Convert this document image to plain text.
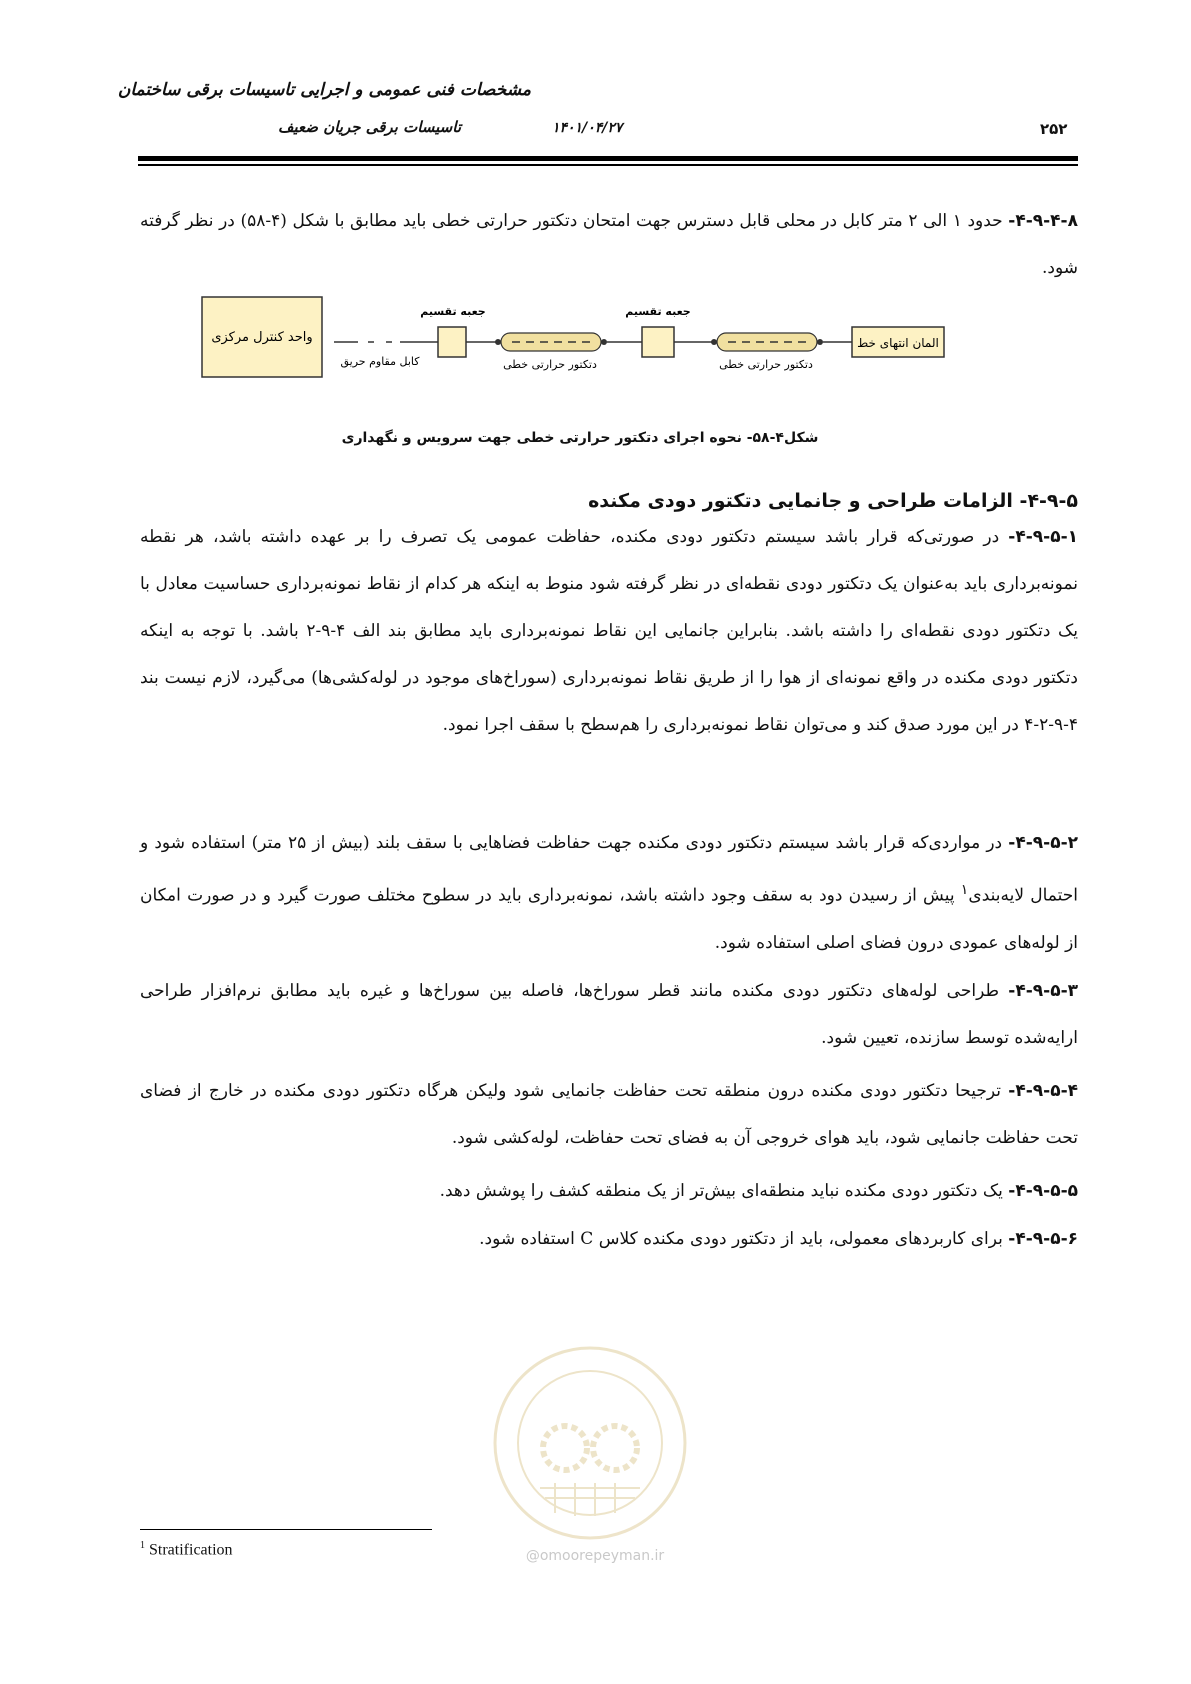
مشخصات فنی عمومی و اجرایی تاسیسات برقی ساختمان
تاسیسات برقی جریان ضعیف	۱۴۰۱/۰۴/۲۷	۲۵۲
۴-۹-۴-۸- حدود ۱ الی ۲ متر کابل در محلی قابل دسترس جهت امتحان دتکتور حرارتی خطی باید مطابق با شکل (۴-۵۸) در نظر گرفته شود.
واحد کنترل مرکزی
کابل مقاوم حریق
جعبه تقسیم
دتکتور حرارتی خطی
جعبه تقسیم
دتکتور حرارتی خطی
المان انتهای خط
شکل۴-۵۸- نحوه اجرای دتکتور حرارتی خطی جهت سرویس و نگهداری
۴-۹-۵- الزامات طراحی و جانمایی دتکتور دودی مکنده
۴-۹-۵-۱- در صورتی‌که قرار باشد سیستم دتکتور دودی مکنده، حفاظت عمومی یک تصرف را بر عهده داشته باشد، هر نقطه نمونه‌برداری باید به‌عنوان یک دتکتور دودی نقطه‌ای در نظر گرفته شود منوط به اینکه هر کدام از نقاط نمونه‌برداری حساسیت معادل با یک دتکتور دودی نقطه‌ای را داشته باشد. بنابراین جانمایی این نقاط نمونه‌برداری باید مطابق بند الف ۴-۹-۲ باشد. با توجه به اینکه دتکتور دودی مکنده در واقع نمونه‌ای از هوا را از طریق نقاط نمونه‌برداری (سوراخ‌های موجود در لوله‌کشی‌ها) می‌گیرد، لازم نیست بند ۴-۹-۲-۴ در این مورد صدق کند و می‌توان نقاط نمونه‌برداری را هم‌سطح با سقف اجرا نمود.
۴-۹-۵-۲- در مواردی‌که قرار باشد سیستم دتکتور دودی مکنده جهت حفاظت فضاهایی با سقف بلند (بیش از ۲۵ متر) استفاده شود و احتمال لایه‌بندی$^۱$ پیش از رسیدن دود به سقف وجود داشته باشد، نمونه‌برداری باید در سطوح مختلف صورت گیرد و در صورت امکان از لوله‌های عمودی درون فضای اصلی استفاده شود.
۴-۹-۵-۳- طراحی لوله‌های دتکتور دودی مکنده مانند قطر سوراخ‌ها، فاصله بین سوراخ‌ها و غیره باید مطابق نرم‌افزار طراحی ارایه‌شده توسط سازنده، تعیین شود.
۴-۹-۵-۴- ترجیحا دتکتور دودی مکنده درون منطقه تحت حفاظت جانمایی شود ولیکن هرگاه دتکتور دودی مکنده در خارج از فضای تحت حفاظت جانمایی شود، باید هوای خروجی آن به فضای تحت حفاظت، لوله‌کشی شود.
۴-۹-۵-۵- یک دتکتور دودی مکنده نباید منطقه‌ای بیش‌تر از یک منطقه کشف را پوشش دهد.
۴-۹-۵-۶- برای کاربردهای معمولی، باید از دتکتور دودی مکنده کلاس C استفاده شود.
@omoorepeyman.ir
$^1$ Stratification
